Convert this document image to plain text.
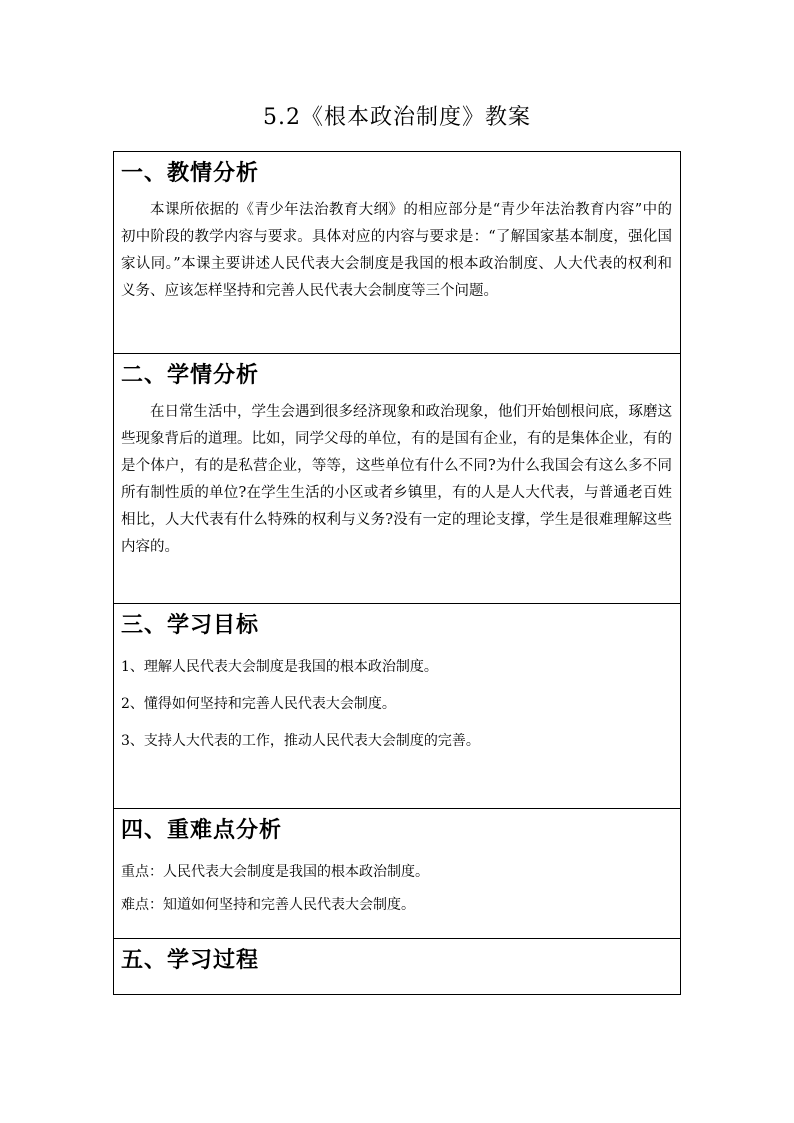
5.2《根本政治制度》教案
一、教情分析
本课所依据的《青少年法治教育大纲》的相应部分是“青少年法治教育内容”中的初中阶段的教学内容与要求。具体对应的内容与要求是：“了解国家基本制度，强化国家认同。”本课主要讲述人民代表大会制度是我国的根本政治制度、人大代表的权利和义务、应该怎样坚持和完善人民代表大会制度等三个问题。
二、学情分析
在日常生活中，学生会遇到很多经济现象和政治现象，他们开始刨根问底，琢磨这些现象背后的道理。比如，同学父母的单位，有的是国有企业，有的是集体企业，有的是个体户，有的是私营企业，等等，这些单位有什么不同?为什么我国会有这么多不同所有制性质的单位?在学生生活的小区或者乡镇里，有的人是人大代表，与普通老百姓相比，人大代表有什么特殊的权利与义务?没有一定的理论支撑，学生是很难理解这些内容的。
三、学习目标
1、理解人民代表大会制度是我国的根本政治制度。
2、懂得如何坚持和完善人民代表大会制度。
3、支持人大代表的工作，推动人民代表大会制度的完善。
四、重难点分析
重点：人民代表大会制度是我国的根本政治制度。
难点：知道如何坚持和完善人民代表大会制度。
五、学习过程
